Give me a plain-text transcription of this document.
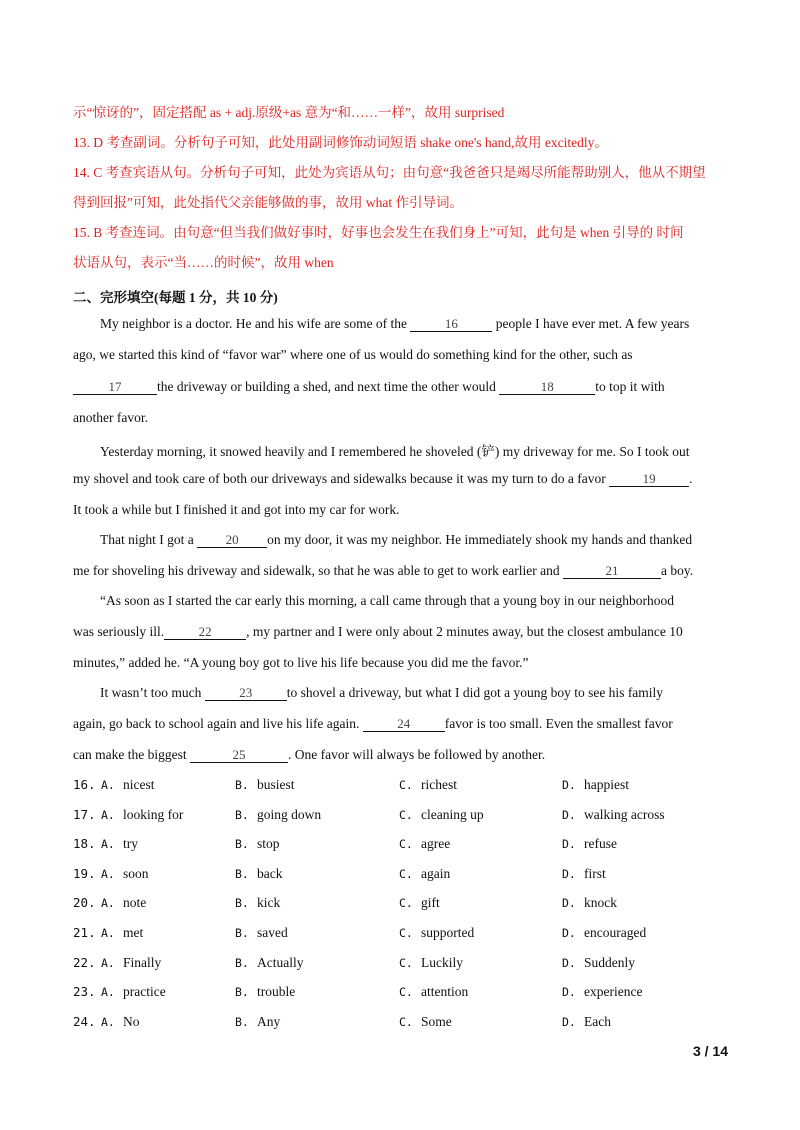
示“惊讶的”，固定搭配 as + adj.原级+as 意为“和……一样”，故用 surprised
13. D 考查副词。分析句子可知，此处用副词修饰动词短语 shake one's hand,故用 excitedly。
14. C 考查宾语从句。分析句子可知，此处为宾语从句；由句意“我爸爸只是竭尽所能帮助别人，他从不期望
得到回报”可知，此处指代父亲能够做的事，故用 what 作引导词。
15. B 考查连词。由句意“但当我们做好事时，好事也会发生在我们身上”可知，此句是 when 引导的 时间
状语从句，表示“当……的时候”，故用 when
二、完形填空(每题 1 分，共 10 分)
My neighbor is a doctor. He and his wife are some of the	16	people I have ever met. A few years
ago, we started this kind of “favor war” where one of us would do something kind for the other, such as
17	the driveway or building a shed, and next time the other would	18	to top it with
another favor.
Yesterday morning, it snowed heavily and I remembered he shoveled (铲) my driveway for me. So I took out
my shovel and took care of both our driveways and sidewalks because it was my turn to do a favor	19 .
It took a while but I finished it and got into my car for work.
That night I got a 20 on my door, it was my neighbor. He immediately shook my hands and thanked
me for shoveling his driveway and sidewalk, so that he was able to get to work earlier and	21	a boy.
“As soon as I started the car early this morning, a call came through that a young boy in our neighborhood
was seriously ill.	22	, my partner and I were only about 2 minutes away, but the closest ambulance 10
minutes,” added he. “A young boy got to live his life because you did me the favor.”
It wasn’t too much	23	to shovel a driveway, but what I did got a young boy to see his family
again, go back to school again and live his life again.	24	favor is too small. Even the smallest favor
can make the biggest	25	. One favor will always be followed by another.
16. A. nicest	B. busiest	C. richest	D. happiest
17. A. looking for	B. going down	C. cleaning up	D. walking across
18. A. try	B. stop	C. agree	D. refuse
19. A. soon	B. back	C. again	D. first
20. A. note	B. kick	C. gift	D. knock
21. A. met	B. saved	C. supported	D. encouraged
22. A. Finally	B. Actually	C. Luckily	D. Suddenly
23. A. practice	B. trouble	C. attention	D. experience
24. A. No	B. Any	C. Some	D. Each
3 / 14
